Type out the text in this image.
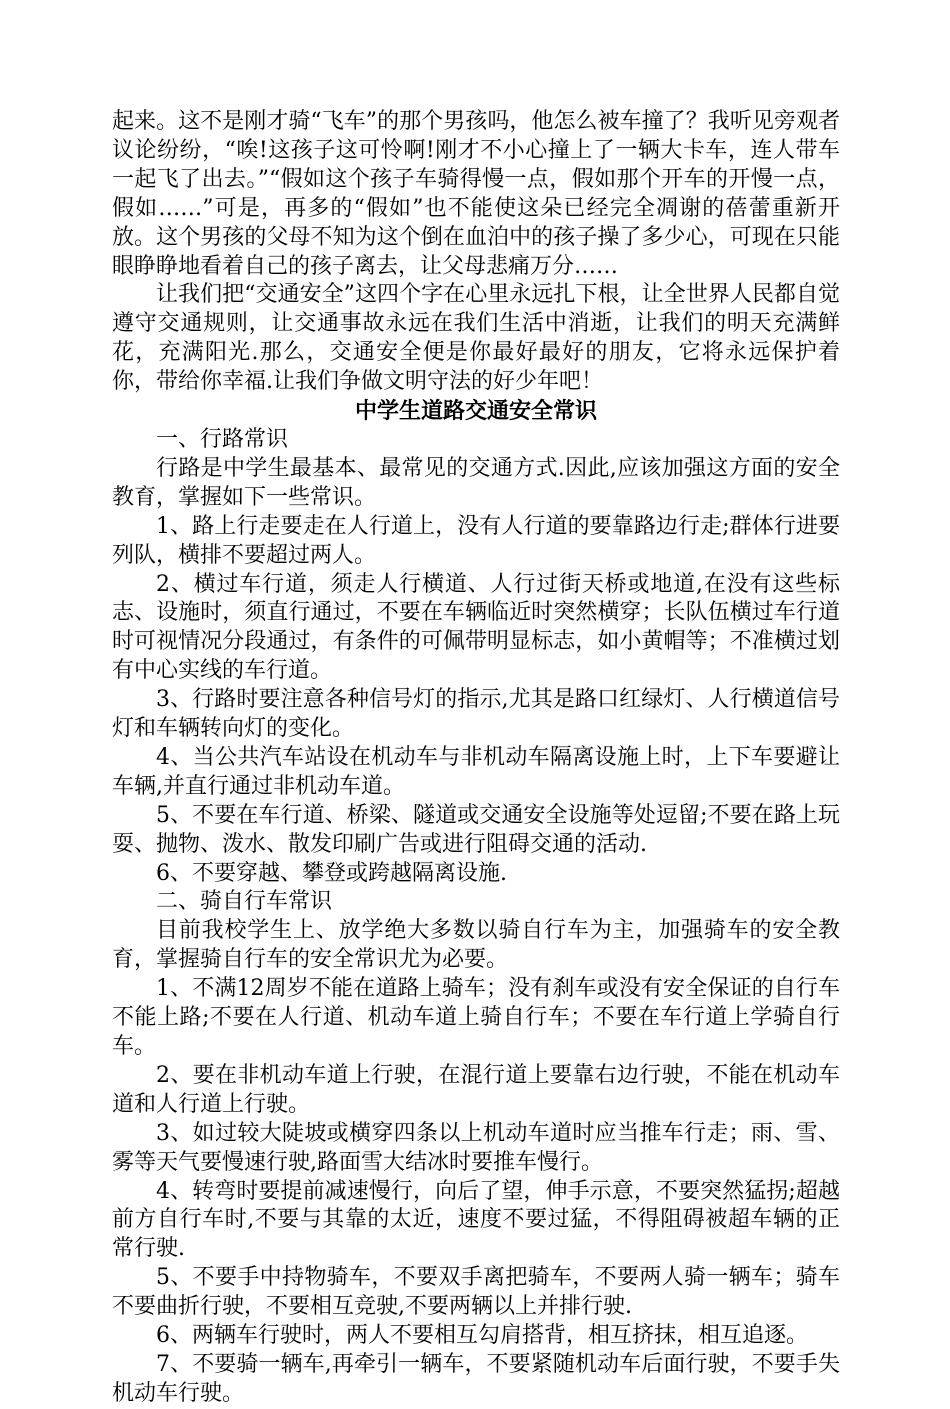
起来。这不是刚才骑“飞车”的那个男孩吗，他怎么被车撞了？我听见旁观者议论纷纷，“唉!这孩子这可怜啊!刚才不小心撞上了一辆大卡车，连人带车一起飞了出去。”“假如这个孩子车骑得慢一点，假如那个开车的开慢一点，假如……”可是，再多的“假如”也不能使这朵已经完全凋谢的蓓蕾重新开放。这个男孩的父母不知为这个倒在血泊中的孩子操了多少心，可现在只能眼睁睁地看着自己的孩子离去，让父母悲痛万分……

让我们把“交通安全”这四个字在心里永远扎下根，让全世界人民都自觉遵守交通规则，让交通事故永远在我们生活中消逝，让我们的明天充满鲜花，充满阳光.那么，交通安全便是你最好最好的朋友，它将永远保护着你，带给你幸福.让我们争做文明守法的好少年吧！

中学生道路交通安全常识

一、行路常识

行路是中学生最基本、最常见的交通方式.因此,应该加强这方面的安全教育，掌握如下一些常识。

1、路上行走要走在人行道上，没有人行道的要靠路边行走;群体行进要列队，横排不要超过两人。

2、横过车行道，须走人行横道、人行过街天桥或地道,在没有这些标志、设施时，须直行通过，不要在车辆临近时突然横穿；长队伍横过车行道时可视情况分段通过，有条件的可佩带明显标志，如小黄帽等；不准横过划有中心实线的车行道。

3、行路时要注意各种信号灯的指示,尤其是路口红绿灯、人行横道信号灯和车辆转向灯的变化。

4、当公共汽车站设在机动车与非机动车隔离设施上时，上下车要避让车辆,并直行通过非机动车道。

5、不要在车行道、桥梁、隧道或交通安全设施等处逗留;不要在路上玩耍、抛物、泼水、散发印刷广告或进行阻碍交通的活动.

6、不要穿越、攀登或跨越隔离设施.

二、骑自行车常识

目前我校学生上、放学绝大多数以骑自行车为主，加强骑车的安全教育，掌握骑自行车的安全常识尤为必要。

1、不满12周岁不能在道路上骑车；没有刹车或没有安全保证的自行车不能上路;不要在人行道、机动车道上骑自行车；不要在车行道上学骑自行车。

2、要在非机动车道上行驶，在混行道上要靠右边行驶，不能在机动车道和人行道上行驶。

3、如过较大陡坡或横穿四条以上机动车道时应当推车行走；雨、雪、雾等天气要慢速行驶,路面雪大结冰时要推车慢行。

4、转弯时要提前减速慢行，向后了望，伸手示意，不要突然猛拐;超越前方自行车时,不要与其靠的太近，速度不要过猛，不得阻碍被超车辆的正常行驶.

5、不要手中持物骑车，不要双手离把骑车，不要两人骑一辆车；骑车不要曲折行驶，不要相互竞驶,不要两辆以上并排行驶.

6、两辆车行驶时，两人不要相互勾肩搭背，相互挤抹，相互追逐。

7、不要骑一辆车,再牵引一辆车，不要紧随机动车后面行驶，不要手失机动车行驶。
